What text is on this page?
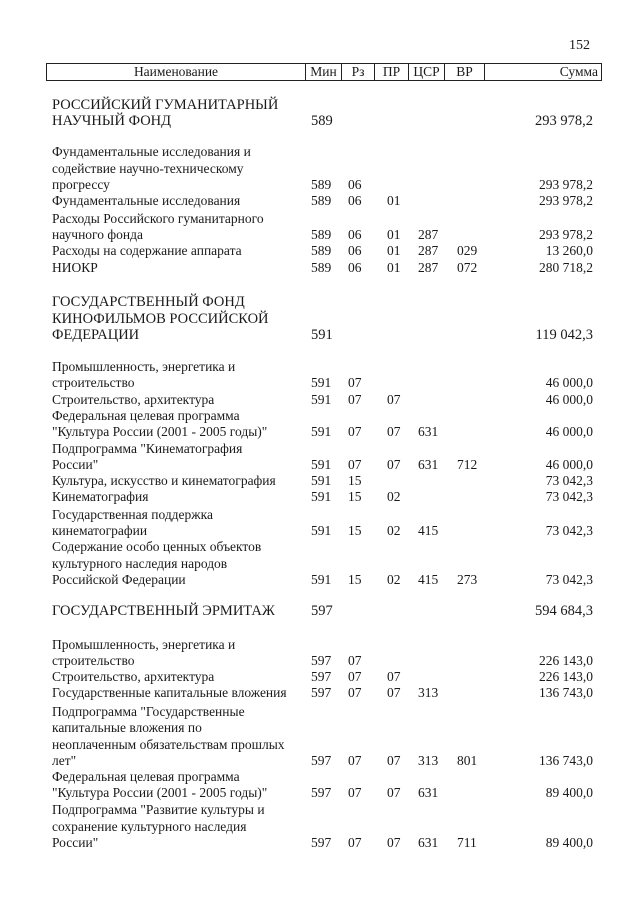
152
Наименование	Мин	Рз	ПР ЦСР	ВР	Сумма
РОССИЙСКИЙ ГУМАНИТАРНЫЙ
НАУЧНЫЙ ФОНД	589	293 978,2
Фундаментальные исследования и
содействие научно-техническому
прогрессу	589 06	293 978,2
Фундаментальные исследования	589 06 01	293 978,2
Расходы Российского гуманитарного
научного фонда	589 06 01 287	293 978,2
Расходы на содержание аппарата	589 06 01 287 029	13 260,0
НИОКР	589 06 01 287 072	280 718,2
ГОСУДАРСТВЕННЫЙ ФОНД
КИНОФИЛЬМОВ РОССИЙСКОЙ
ФЕДЕРАЦИИ	591	119 042,3
Промышленность, энергетика и
строительство	591 07	46 000,0
Строительство, архитектура	591 07 07	46 000,0
Федеральная целевая программа
"Культура России (2001 - 2005 годы)"	591 07 07 631	46 000,0
Подпрограмма "Кинематография
России"	591 07 07 631 712	46 000,0
Культура, искусство и кинематография	591 15	73 042,3
Кинематография	591 15 02	73 042,3
Государственная поддержка
кинематографии	591 15 02 415	73 042,3
Содержание особо ценных объектов
культурного наследия народов
Российской Федерации	591 15 02 415 273	73 042,3
ГОСУДАРСТВЕННЫЙ ЭРМИТАЖ	597	594 684,3
Промышленность, энергетика и
строительство	597 07	226 143,0
Строительство, архитектура	597 07 07	226 143,0
Государственные капитальные вложения	597 07 07 313	136 743,0
Подпрограмма "Государственные
капитальные вложения по
неоплаченным обязательствам прошлых
лет"	597 07 07 313 801	136 743,0
Федеральная целевая программа
"Культура России (2001 - 2005 годы)"	597 07 07 631	89 400,0
Подпрограмма "Развитие культуры и
сохранение культурного наследия
России"	597 07 07 631 711	89 400,0
